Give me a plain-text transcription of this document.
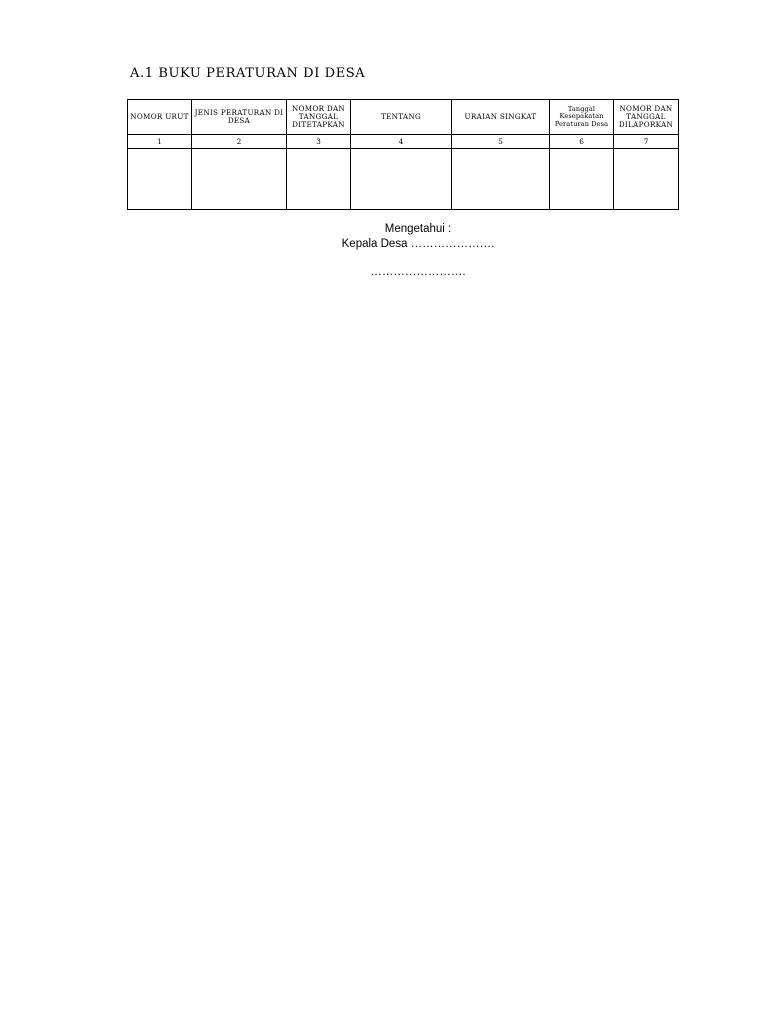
A.1 BUKU PERATURAN DI DESA
NOMOR URUT	JENIS PERATURAN DI DESA	NOMOR DAN TANGGAL DITETAPKAN	TENTANG	URAIAN SINGKAT	Tanggal Kesepakatan Peraturan Desa	NOMOR DAN TANGGAL DILAPORKAN
1	2	3	4	5	6	7

Mengetahui :
Kepala Desa ………………….
…………………….
